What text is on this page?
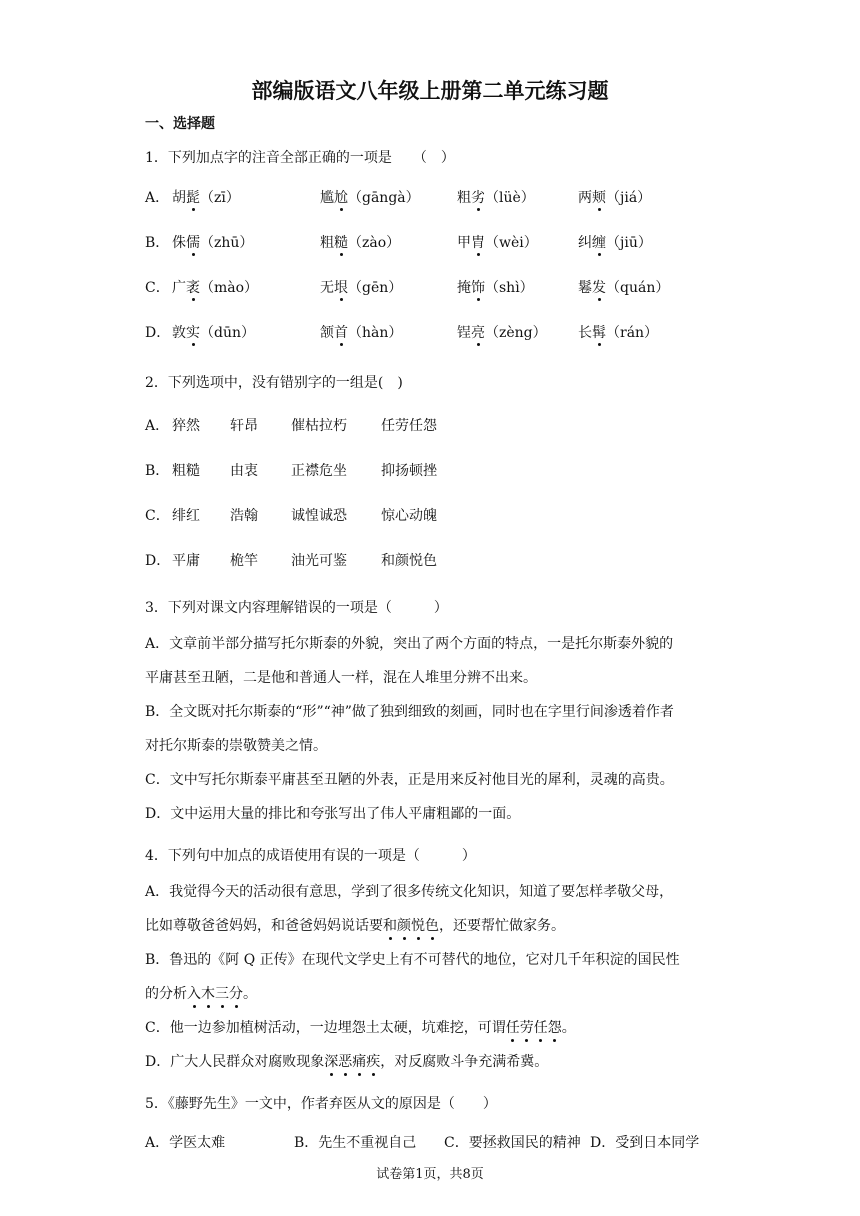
部编版语文八年级上册第二单元练习题
一、选择题
1．下列加点字的注音全部正确的一项是　　（　）
A． 胡髭（zī）	尴尬（gāngà）	粗劣（lüè）	两颊（jiá）
B． 侏儒（zhū）	粗糙（zào）	甲胄（wèi）	纠缠（jiū）
C． 广袤（mào）	无垠（gēn）	掩饰（shì）	鬈发（quán）
D． 敦实（dūn）	颔首（hàn）	锃亮（zèng） 长髯（rán）
2．下列选项中，没有错别字的一组是(　)
A． 猝然 轩昂 催枯拉朽 任劳任怨
B． 粗糙 由衷 正襟危坐 抑扬顿挫
C． 绯红 浩翰 诚惶诚恐 惊心动魄
D． 平庸 桅竿 油光可鉴 和颜悦色
3．下列对课文内容理解错误的一项是（　　　）
A．文章前半部分描写托尔斯泰的外貌，突出了两个方面的特点，一是托尔斯泰外貌的
平庸甚至丑陋，二是他和普通人一样，混在人堆里分辨不出来。
B．全文既对托尔斯泰的“形”“神”做了独到细致的刻画，同时也在字里行间渗透着作者
对托尔斯泰的崇敬赞美之情。
C．文中写托尔斯泰平庸甚至丑陋的外表，正是用来反衬他目光的犀利，灵魂的高贵。
D．文中运用大量的排比和夸张写出了伟人平庸粗鄙的一面。
4．下列句中加点的成语使用有误的一项是（　　　）
A．我觉得今天的活动很有意思，学到了很多传统文化知识，知道了要怎样孝敬父母，
比如尊敬爸爸妈妈，和爸爸妈妈说话要和颜悦色，还要帮忙做家务。
B．鲁迅的《阿 Q 正传》在现代文学史上有不可替代的地位，它对几千年积淀的国民性
的分析入木三分。
C．他一边参加植树活动，一边埋怨土太硬，坑难挖，可谓任劳任怨。
D．广大人民群众对腐败现象深恶痛疾，对反腐败斗争充满希冀。
5．《藤野先生》一文中，作者弃医从文的原因是（　　）
A．学医太难	B．先生不重视自己 C．要拯救国民的精神 D．受到日本同学
试卷第1页，共8页
